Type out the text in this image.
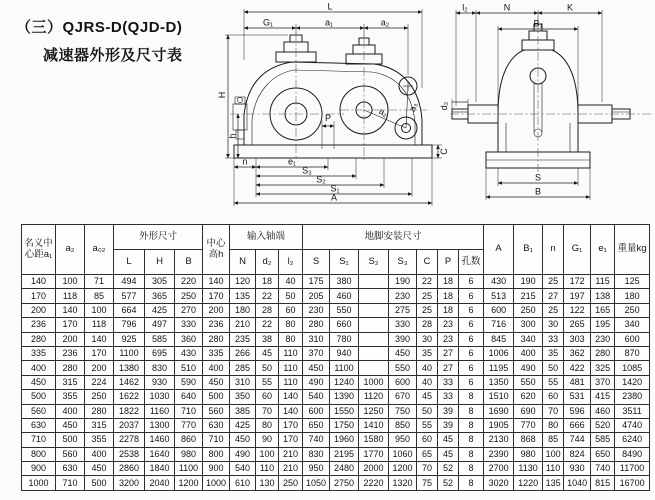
（三）QJRS-D(QJD-D)
减速器外形及尺寸表
L
G₁	a₁	a₂
a₂ a₃
H
h
P
C
n	e₁
S₃
S₂
S₁
A
l₂	N	K
B₁
d₂
S
B
名义中心距a₁	a₂	a₀₂	外形尺寸			中心高h	输入轴端			地脚安装尺寸							A	B₁	n	G₁	e₁	重量kg
			L	H	B		N	d₂	l₂	S	S₁	S₂	S₃	C	P	孔数						
140	100	71	494	305	220	140	120	18	40	175	380		190	22	18	6	430	190	25	172	115	125
170	118	85	577	365	250	170	135	22	50	205	460		230	25	18	6	513	215	27	197	138	180
200	140	100	664	425	270	200	180	28	60	230	550		275	25	18	6	600	250	25	122	165	250
236	170	118	796	497	330	236	210	22	80	280	660		330	28	23	6	716	300	30	265	195	340
280	200	140	925	585	360	280	235	38	80	310	780		390	30	23	6	845	340	33	303	230	600
335	236	170	1100	695	430	335	266	45	110	370	940		450	35	27	6	1006	400	35	362	280	870
400	280	200	1380	830	510	400	285	50	110	450	1100		550	40	27	6	1195	490	50	422	325	1085
450	315	224	1462	930	590	450	310	55	110	490	1240	1000	600	40	33	6	1350	550	55	481	370	1420
500	355	250	1622	1030	640	500	350	60	140	540	1390	1120	670	45	33	8	1510	620	60	531	415	2380
560	400	280	1822	1160	710	560	385	70	140	600	1550	1250	750	50	39	8	1690	690	70	596	460	3511
630	450	315	2037	1300	770	630	425	80	170	650	1750	1410	850	55	39	8	1905	770	80	666	520	4740
710	500	355	2278	1460	860	710	450	90	170	740	1960	1580	950	60	45	8	2130	868	85	744	585	6240
800	560	400	2538	1640	980	800	490	100	210	830	2195	1770	1060	65	45	8	2390	980	100	824	650	8490
900	630	450	2860	1840	1100	900	540	110	210	950	2480	2000	1200	70	52	8	2700	1130	110	930	740	11700
1000	710	500	3200	2040	1200	1000	610	130	250	1050	2750	2220	1320	75	52	8	3020	1220	135	1040	815	16700
